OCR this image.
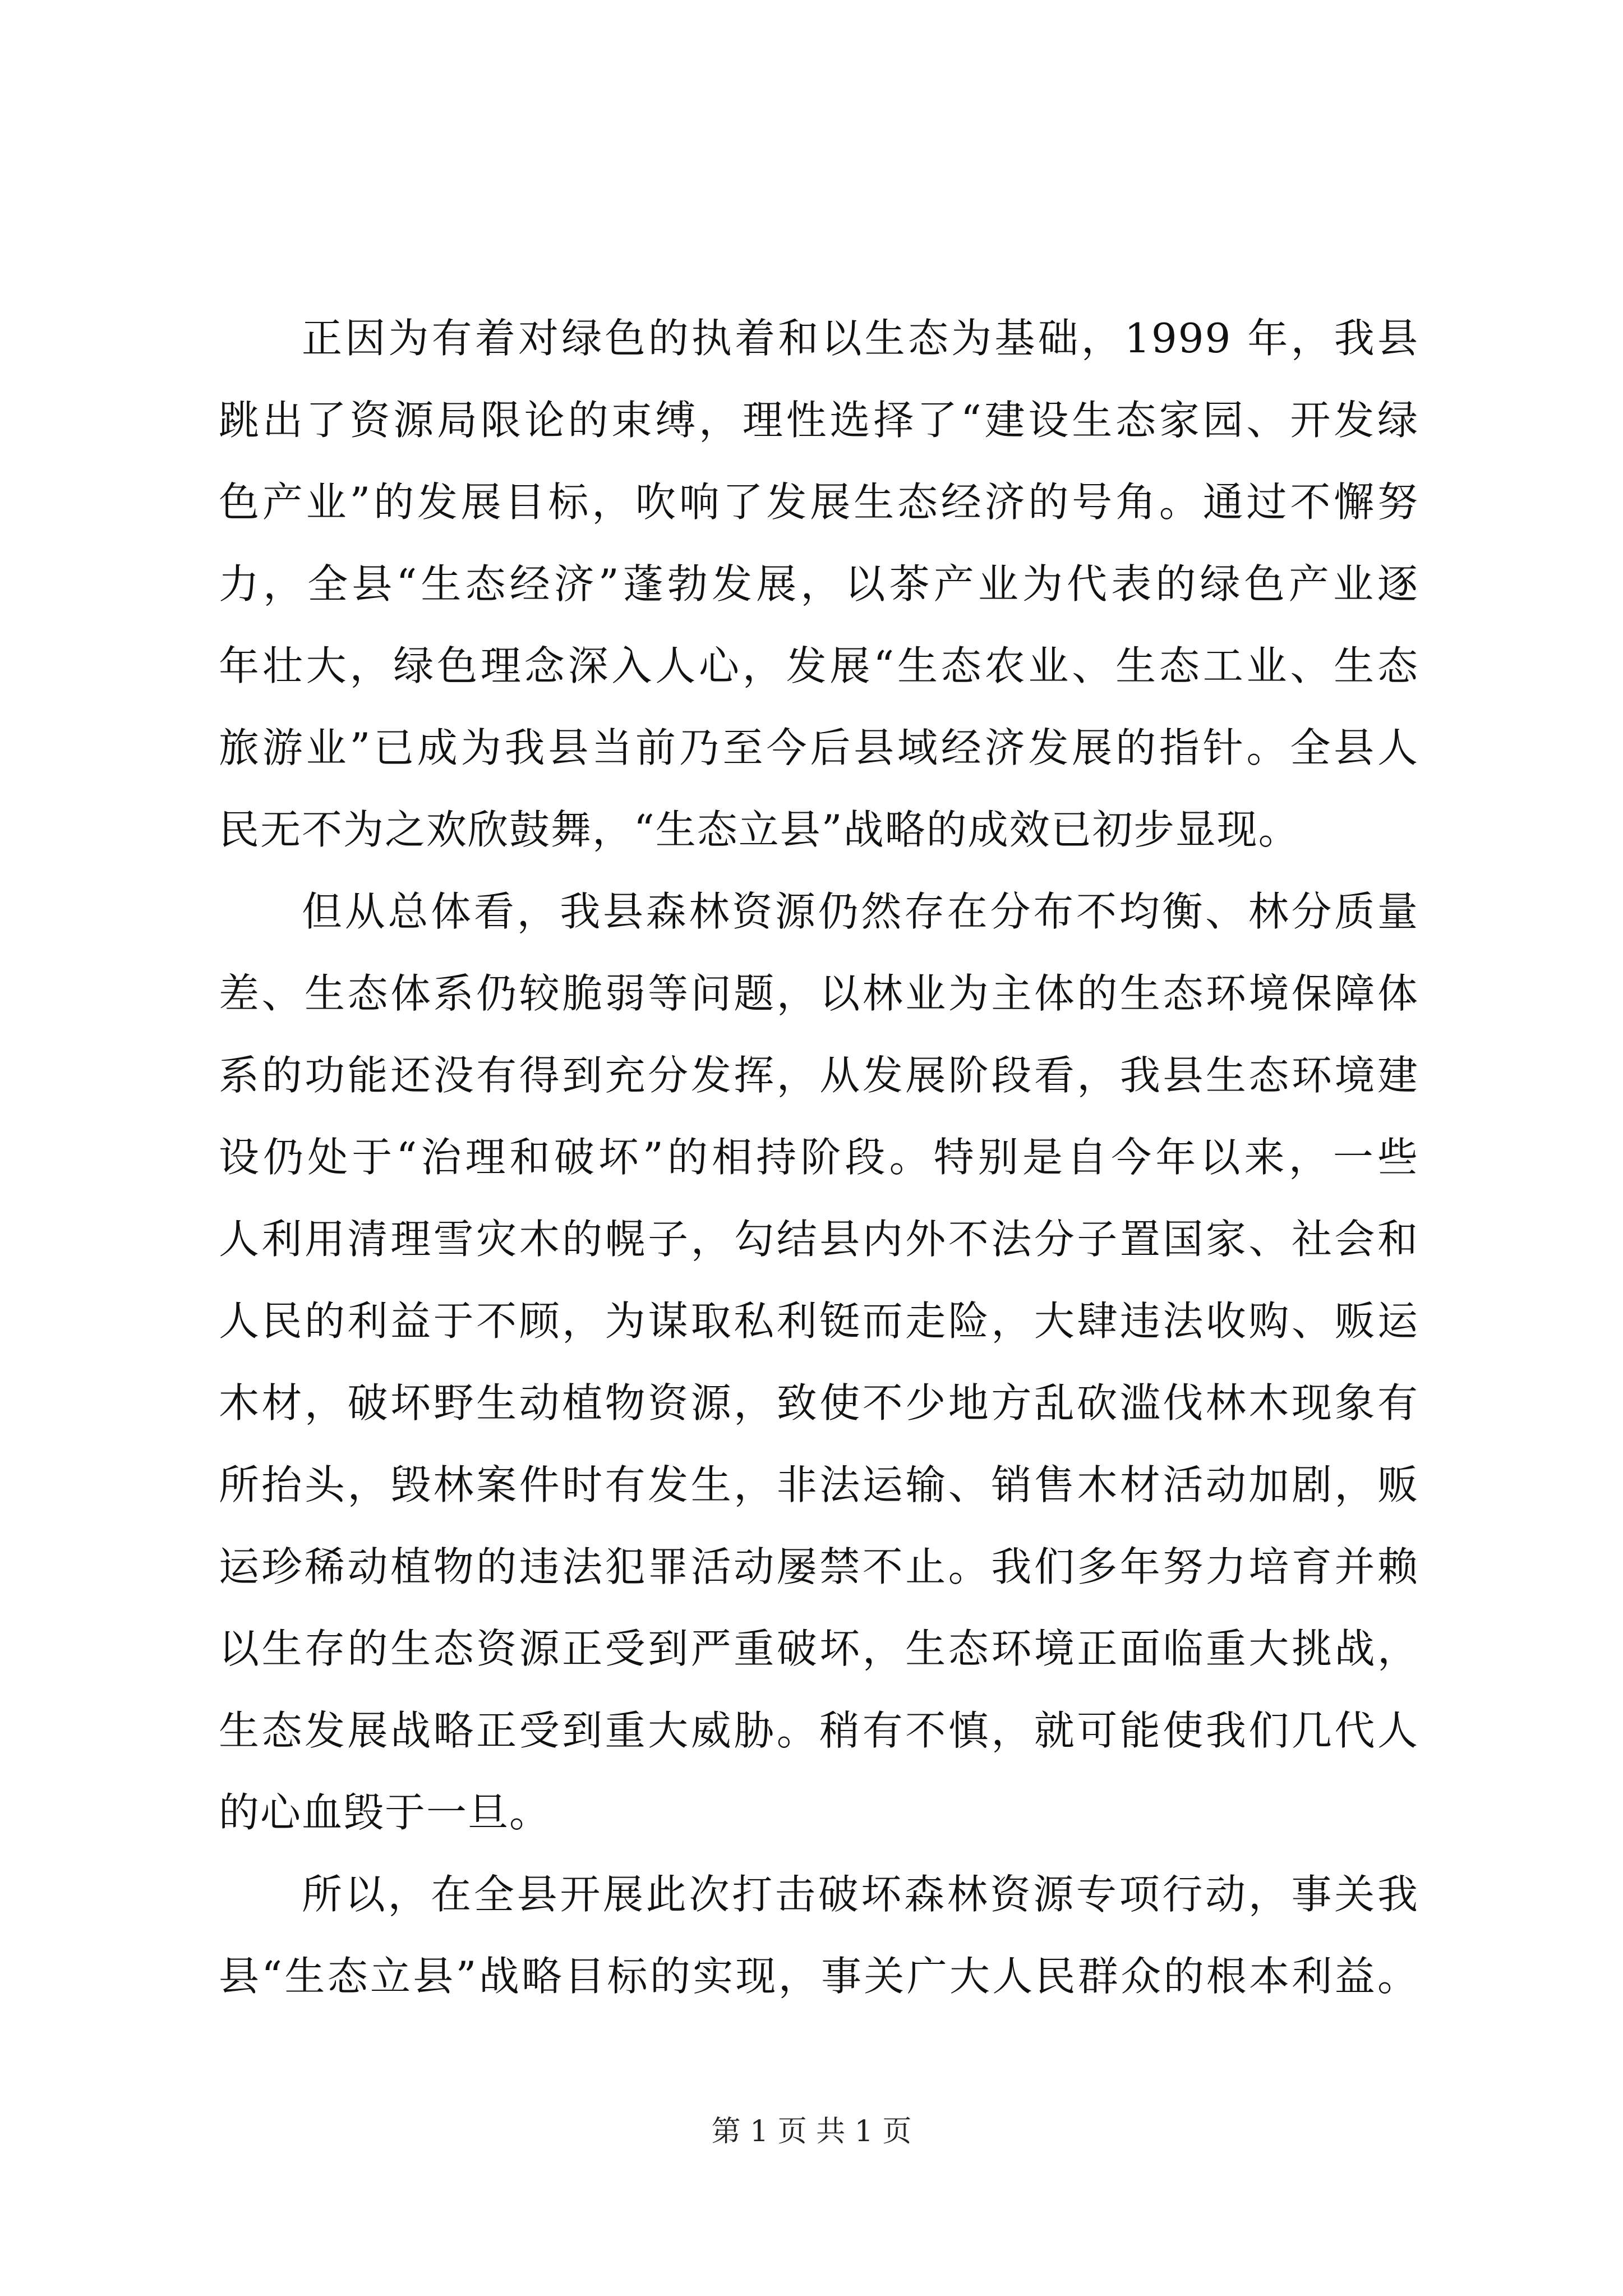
正因为有着对绿色的执着和以生态为基础，1999 年，我县
跳出了资源局限论的束缚，理性选择了“建设生态家园、开发绿
色产业”的发展目标，吹响了发展生态经济的号角。通过不懈努
力，全县“生态经济”蓬勃发展，以茶产业为代表的绿色产业逐
年壮大，绿色理念深入人心，发展“生态农业、生态工业、生态
旅游业”已成为我县当前乃至今后县域经济发展的指针。全县人
民无不为之欢欣鼓舞，“生态立县”战略的成效已初步显现。
但从总体看，我县森林资源仍然存在分布不均衡、林分质量
差、生态体系仍较脆弱等问题，以林业为主体的生态环境保障体
系的功能还没有得到充分发挥，从发展阶段看，我县生态环境建
设仍处于“治理和破坏”的相持阶段。特别是自今年以来，一些
人利用清理雪灾木的幌子，勾结县内外不法分子置国家、社会和
人民的利益于不顾，为谋取私利铤而走险，大肆违法收购、贩运
木材，破坏野生动植物资源，致使不少地方乱砍滥伐林木现象有
所抬头，毁林案件时有发生，非法运输、销售木材活动加剧，贩
运珍稀动植物的违法犯罪活动屡禁不止。我们多年努力培育并赖
以生存的生态资源正受到严重破坏，生态环境正面临重大挑战，
生态发展战略正受到重大威胁。稍有不慎，就可能使我们几代人
的心血毁于一旦。
所以，在全县开展此次打击破坏森林资源专项行动，事关我
县“生态立县”战略目标的实现，事关广大人民群众的根本利益。
第 1 页 共 1 页
